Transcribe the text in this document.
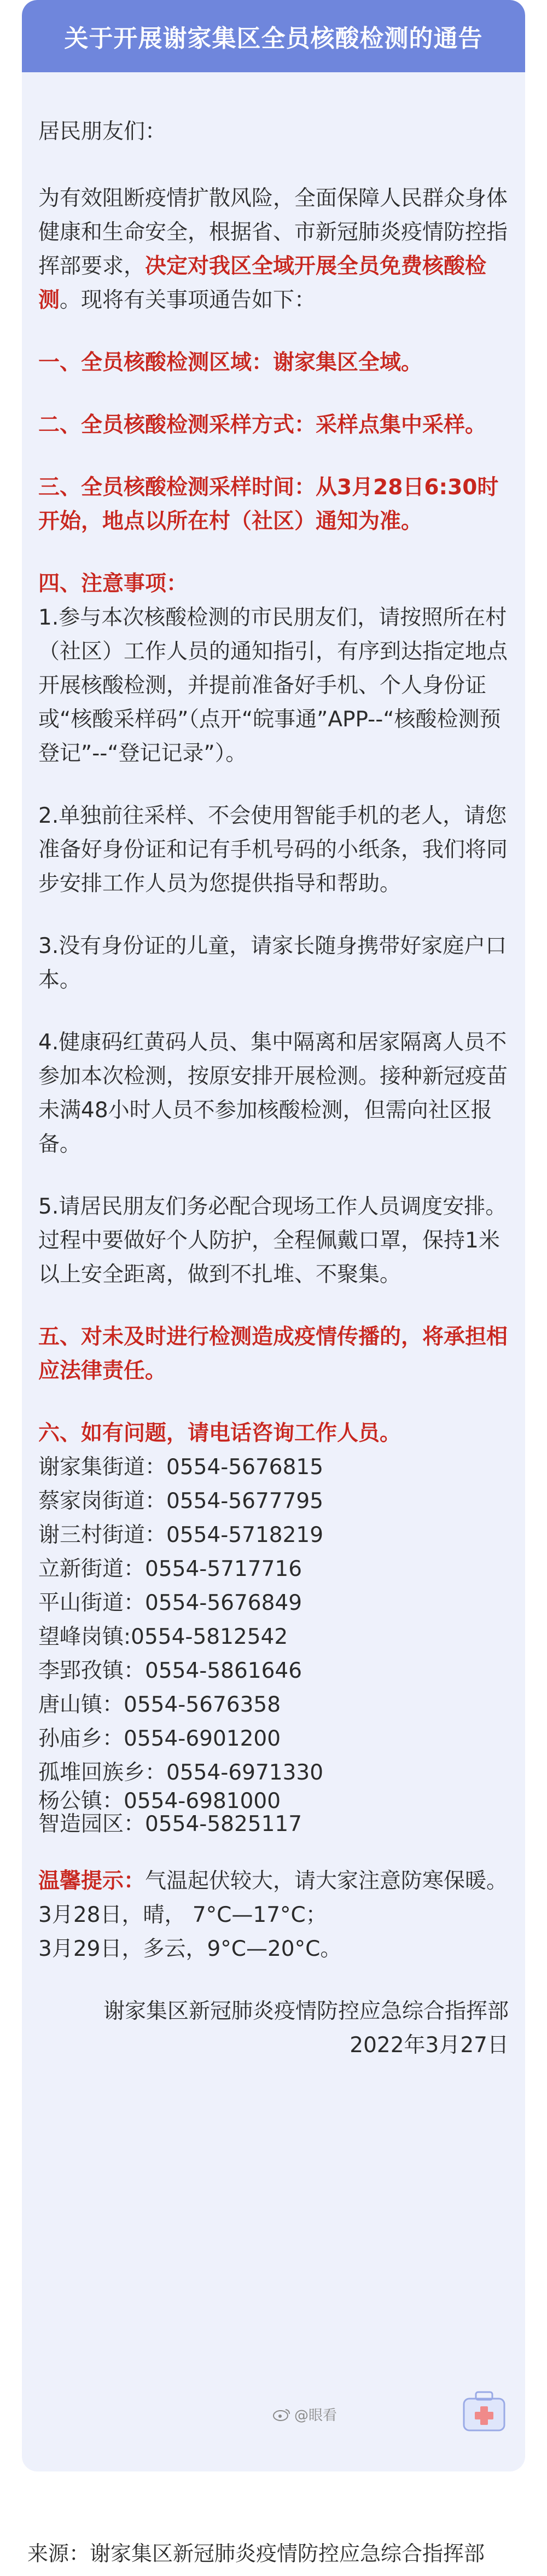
关于开展谢家集区全员核酸检测的通告

居民朋友们：

为有效阻断疫情扩散风险，全面保障人民群众身体健康和生命安全，根据省、市新冠肺炎疫情防控指挥部要求，决定对我区全域开展全员免费核酸检测。现将有关事项通告如下：

一、全员核酸检测区域：谢家集区全域。

二、全员核酸检测采样方式：采样点集中采样。

三、全员核酸检测采样时间：从3月28日6:30时开始，地点以所在村（社区）通知为准。

四、注意事项：

1.参与本次核酸检测的市民朋友们，请按照所在村（社区）工作人员的通知指引，有序到达指定地点开展核酸检测，并提前准备好手机、个人身份证或“核酸采样码”（点开“皖事通”APP--“核酸检测预登记”--“登记记录”）。

2.单独前往采样、不会使用智能手机的老人，请您准备好身份证和记有手机号码的小纸条，我们将同步安排工作人员为您提供指导和帮助。

3.没有身份证的儿童，请家长随身携带好家庭户口本。

4.健康码红黄码人员、集中隔离和居家隔离人员不参加本次检测，按原安排开展检测。接种新冠疫苗未满48小时人员不参加核酸检测，但需向社区报备。

5.请居民朋友们务必配合现场工作人员调度安排。过程中要做好个人防护，全程佩戴口罩，保持1米以上安全距离，做到不扎堆、不聚集。

五、对未及时进行检测造成疫情传播的，将承担相应法律责任。

六、如有问题，请电话咨询工作人员。

谢家集街道：0554-5676815

蔡家岗街道：0554-5677795

谢三村街道：0554-5718219

立新街道：0554-5717716

平山街道：0554-5676849

望峰岗镇:0554-5812542

李郢孜镇：0554-5861646

唐山镇：0554-5676358

孙庙乡：0554-6901200

孤堆回族乡：0554-6971330

杨公镇：0554-6981000

智造园区：0554-5825117

温馨提示：气温起伏较大，请大家注意防寒保暖。

3月28日，晴， 7°C—17°C；

3月29日，多云，9°C—20°C。

谢家集区新冠肺炎疫情防控应急综合指挥部
2022年3月27日
@眼看
来源：谢家集区新冠肺炎疫情防控应急综合指挥部
